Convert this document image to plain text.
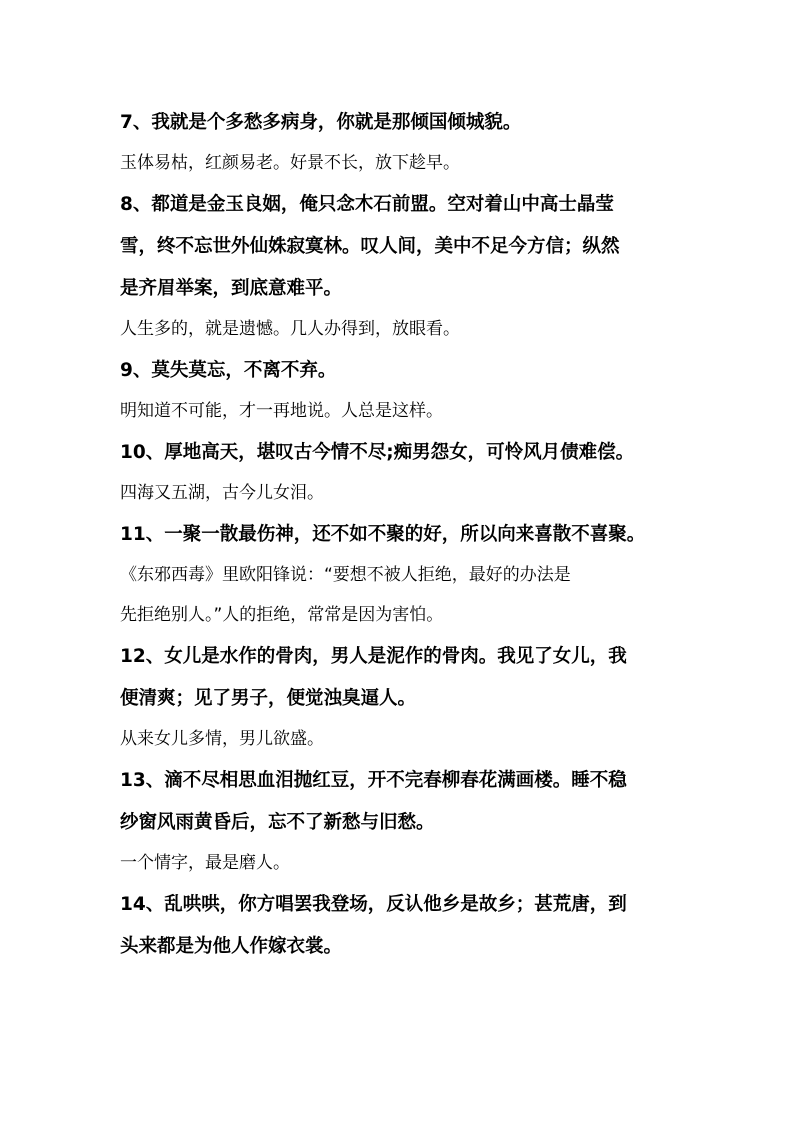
7、我就是个多愁多病身，你就是那倾国倾城貌。

玉体易枯，红颜易老。好景不长，放下趁早。

8、都道是金玉良姻，俺只念木石前盟。空对着山中高士晶莹

雪，终不忘世外仙姝寂寞林。叹人间，美中不足今方信；纵然

是齐眉举案，到底意难平。

人生多的，就是遗憾。几人办得到，放眼看。

9、莫失莫忘，不离不弃。

明知道不可能，才一再地说。人总是这样。

10、厚地高天，堪叹古今情不尽;痴男怨女，可怜风月债难偿。

四海又五湖，古今儿女泪。

11、一聚一散最伤神，还不如不聚的好，所以向来喜散不喜聚。

《东邪西毒》里欧阳锋说：“要想不被人拒绝，最好的办法是

先拒绝别人。”人的拒绝，常常是因为害怕。

12、女儿是水作的骨肉，男人是泥作的骨肉。我见了女儿，我

便清爽；见了男子，便觉浊臭逼人。

从来女儿多情，男儿欲盛。

13、滴不尽相思血泪抛红豆，开不完春柳春花满画楼。睡不稳

纱窗风雨黄昏后，忘不了新愁与旧愁。

一个情字，最是磨人。

14、乱哄哄，你方唱罢我登场，反认他乡是故乡；甚荒唐，到

头来都是为他人作嫁衣裳。
